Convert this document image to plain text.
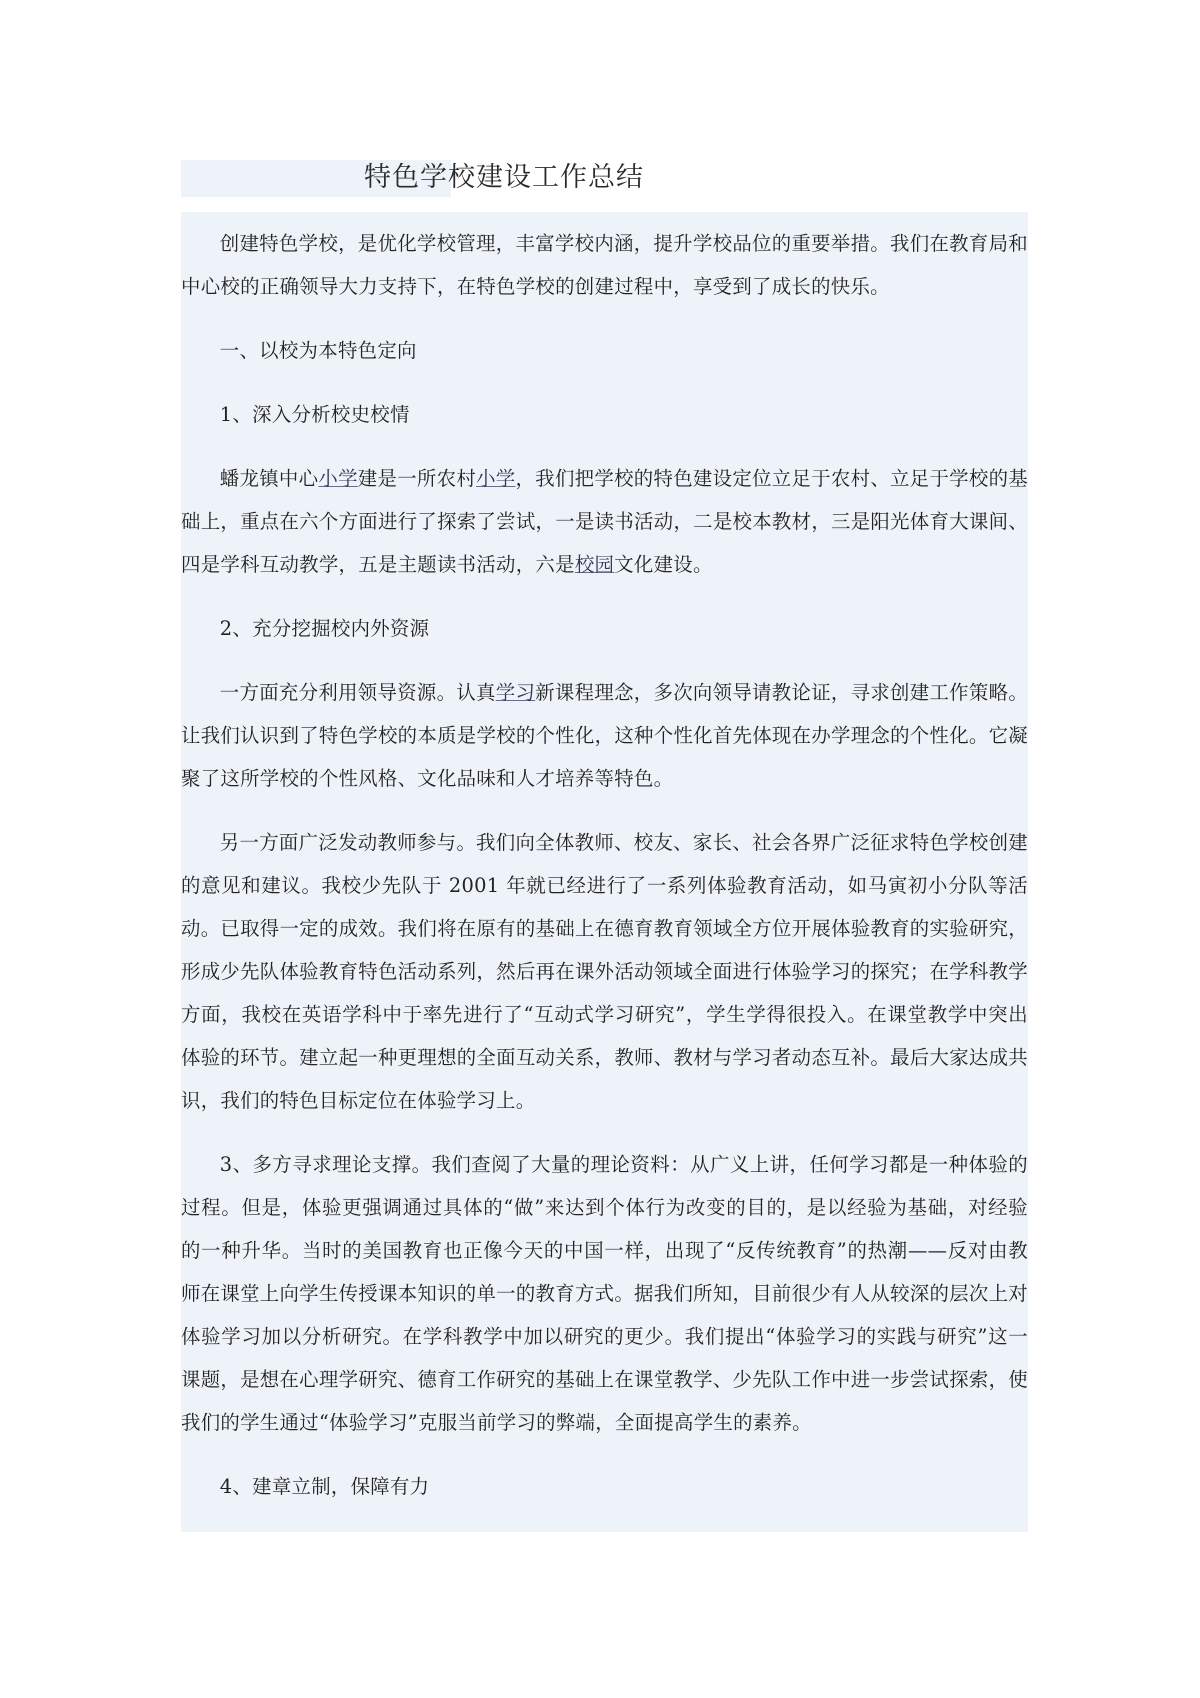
特色学校建设工作总结

创建特色学校，是优化学校管理，丰富学校内涵，提升学校品位的重要举措。我们在教育局和中心校的正确领导大力支持下，在特色学校的创建过程中，享受到了成长的快乐。

一、以校为本特色定向

1、深入分析校史校情

蟠龙镇中心小学建是一所农村小学，我们把学校的特色建设定位立足于农村、立足于学校的基础上，重点在六个方面进行了探索了尝试，一是读书活动，二是校本教材，三是阳光体育大课间、四是学科互动教学，五是主题读书活动，六是校园文化建设。

2、充分挖掘校内外资源

一方面充分利用领导资源。认真学习新课程理念，多次向领导请教论证，寻求创建工作策略。让我们认识到了特色学校的本质是学校的个性化，这种个性化首先体现在办学理念的个性化。它凝聚了这所学校的个性风格、文化品味和人才培养等特色。

另一方面广泛发动教师参与。我们向全体教师、校友、家长、社会各界广泛征求特色学校创建的意见和建议。我校少先队于 2001 年就已经进行了一系列体验教育活动，如马寅初小分队等活动。已取得一定的成效。我们将在原有的基础上在德育教育领域全方位开展体验教育的实验研究，形成少先队体验教育特色活动系列，然后再在课外活动领域全面进行体验学习的探究；在学科教学方面，我校在英语学科中于率先进行了“互动式学习研究”，学生学得很投入。在课堂教学中突出体验的环节。建立起一种更理想的全面互动关系，教师、教材与学习者动态互补。最后大家达成共识，我们的特色目标定位在体验学习上。

3、多方寻求理论支撑。我们查阅了大量的理论资料：从广义上讲，任何学习都是一种体验的过程。但是，体验更强调通过具体的“做”来达到个体行为改变的目的，是以经验为基础，对经验的一种升华。当时的美国教育也正像今天的中国一样，出现了“反传统教育”的热潮——反对由教师在课堂上向学生传授课本知识的单一的教育方式。据我们所知，目前很少有人从较深的层次上对体验学习加以分析研究。在学科教学中加以研究的更少。我们提出“体验学习的实践与研究”这一课题，是想在心理学研究、德育工作研究的基础上在课堂教学、少先队工作中进一步尝试探索，使我们的学生通过“体验学习”克服当前学习的弊端，全面提高学生的素养。

4、建章立制，保障有力
